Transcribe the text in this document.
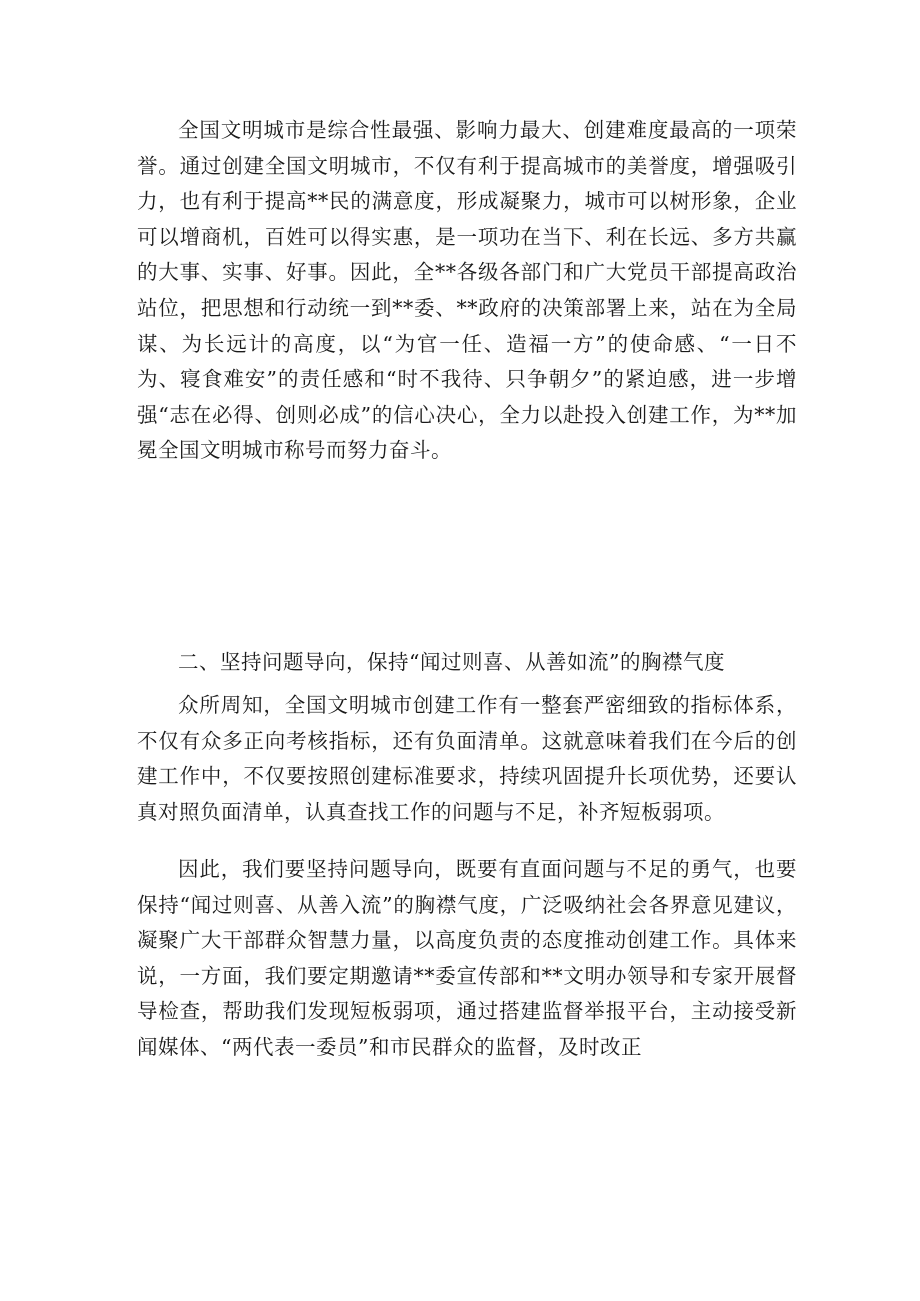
全国文明城市是综合性最强、影响力最大、创建难度最高的一项荣誉。通过创建全国文明城市，不仅有利于提高城市的美誉度，增强吸引力，也有利于提高**民的满意度，形成凝聚力，城市可以树形象，企业可以增商机，百姓可以得实惠，是一项功在当下、利在长远、多方共赢的大事、实事、好事。因此，全**各级各部门和广大党员干部提高政治站位，把思想和行动统一到**委、**政府的决策部署上来，站在为全局谋、为长远计的高度，以“为官一任、造福一方”的使命感、“一日不为、寝食难安”的责任感和“时不我待、只争朝夕”的紧迫感，进一步增强“志在必得、创则必成”的信心决心，全力以赴投入创建工作，为**加冕全国文明城市称号而努力奋斗。

二、坚持问题导向，保持“闻过则喜、从善如流”的胸襟气度

众所周知，全国文明城市创建工作有一整套严密细致的指标体系，不仅有众多正向考核指标，还有负面清单。这就意味着我们在今后的创建工作中，不仅要按照创建标准要求，持续巩固提升长项优势，还要认真对照负面清单，认真查找工作的问题与不足，补齐短板弱项。

因此，我们要坚持问题导向，既要有直面问题与不足的勇气，也要保持“闻过则喜、从善入流”的胸襟气度，广泛吸纳社会各界意见建议，凝聚广大干部群众智慧力量，以高度负责的态度推动创建工作。具体来说，一方面，我们要定期邀请**委宣传部和**文明办领导和专家开展督导检查，帮助我们发现短板弱项，通过搭建监督举报平台，主动接受新闻媒体、“两代表一委员”和市民群众的监督，及时改正
